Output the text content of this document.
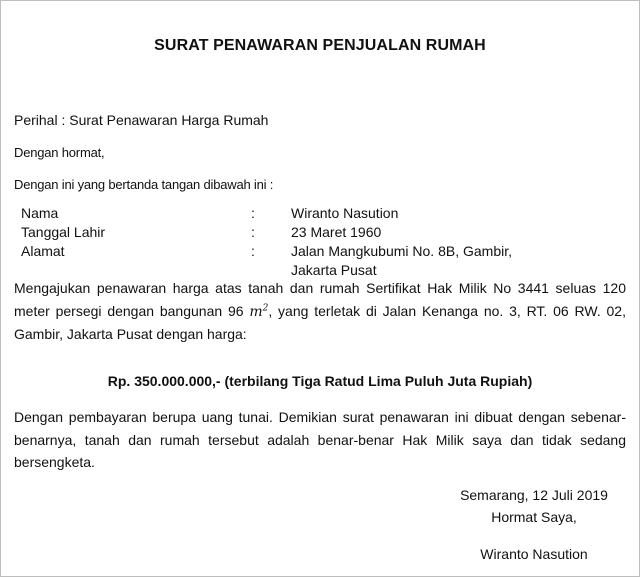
SURAT PENAWARAN PENJUALAN RUMAH
Perihal : Surat Penawaran Harga Rumah
Dengan hormat,
Dengan ini yang bertanda tangan dibawah ini :
Nama	:	Wiranto Nasution
Tanggal Lahir	:	23 Maret 1960
Alamat	:	Jalan Mangkubumi No. 8B, Gambir,
Jakarta Pusat
Mengajukan penawaran harga atas tanah dan rumah Sertifikat Hak Milik No 3441 seluas 120
meter persegi dengan bangunan 96 $m^2$, yang terletak di Jalan Kenanga no. 3, RT. 06 RW. 02,
Gambir, Jakarta Pusat dengan harga:
Rp. 350.000.000,- (terbilang Tiga Ratud Lima Puluh Juta Rupiah)
Dengan pembayaran berupa uang tunai. Demikian surat penawaran ini dibuat dengan sebenar-
benarnya, tanah dan rumah tersebut adalah benar-benar Hak Milik saya dan tidak sedang
bersengketa.
Semarang, 12 Juli 2019
Hormat Saya,
Wiranto Nasution
